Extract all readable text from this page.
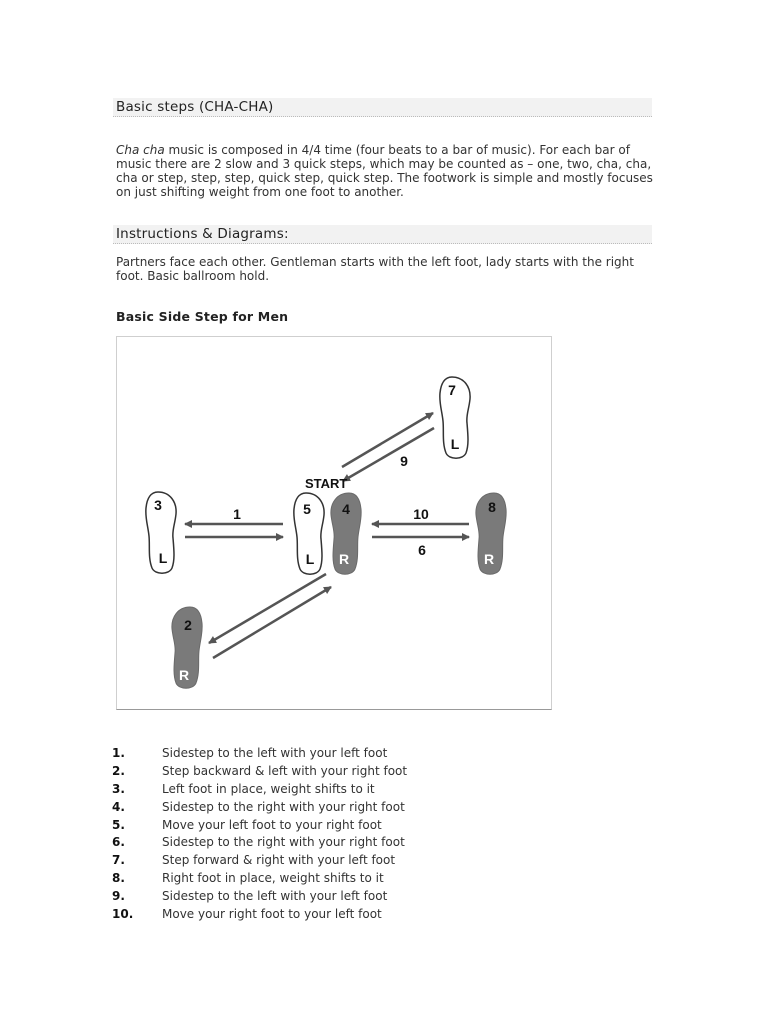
Basic steps (CHA-CHA)

Cha cha music is composed in 4/4 time (four beats to a bar of music). For each bar of music there are 2 slow and 3 quick steps, which may be counted as – one, two, cha, cha, cha or step, step, step, quick step, quick step. The footwork is simple and mostly focuses on just shifting weight from one foot to another.

Instructions & Diagrams:

Partners face each other. Gentleman starts with the left foot, lady starts with the right foot. Basic ballroom hold.

Basic Side Step for Men
7
L
3
L
5
L
4
R
8
R
2
R
START
1	10
6
9
1.	Sidestep to the left with your left foot
2.	Step backward & left with your right foot
3.	Left foot in place, weight shifts to it
4.	Sidestep to the right with your right foot
5.	Move your left foot to your right foot
6.	Sidestep to the right with your right foot
7.	Step forward & right with your left foot
8.	Right foot in place, weight shifts to it
9.	Sidestep to the left with your left foot
10.	Move your right foot to your left foot
